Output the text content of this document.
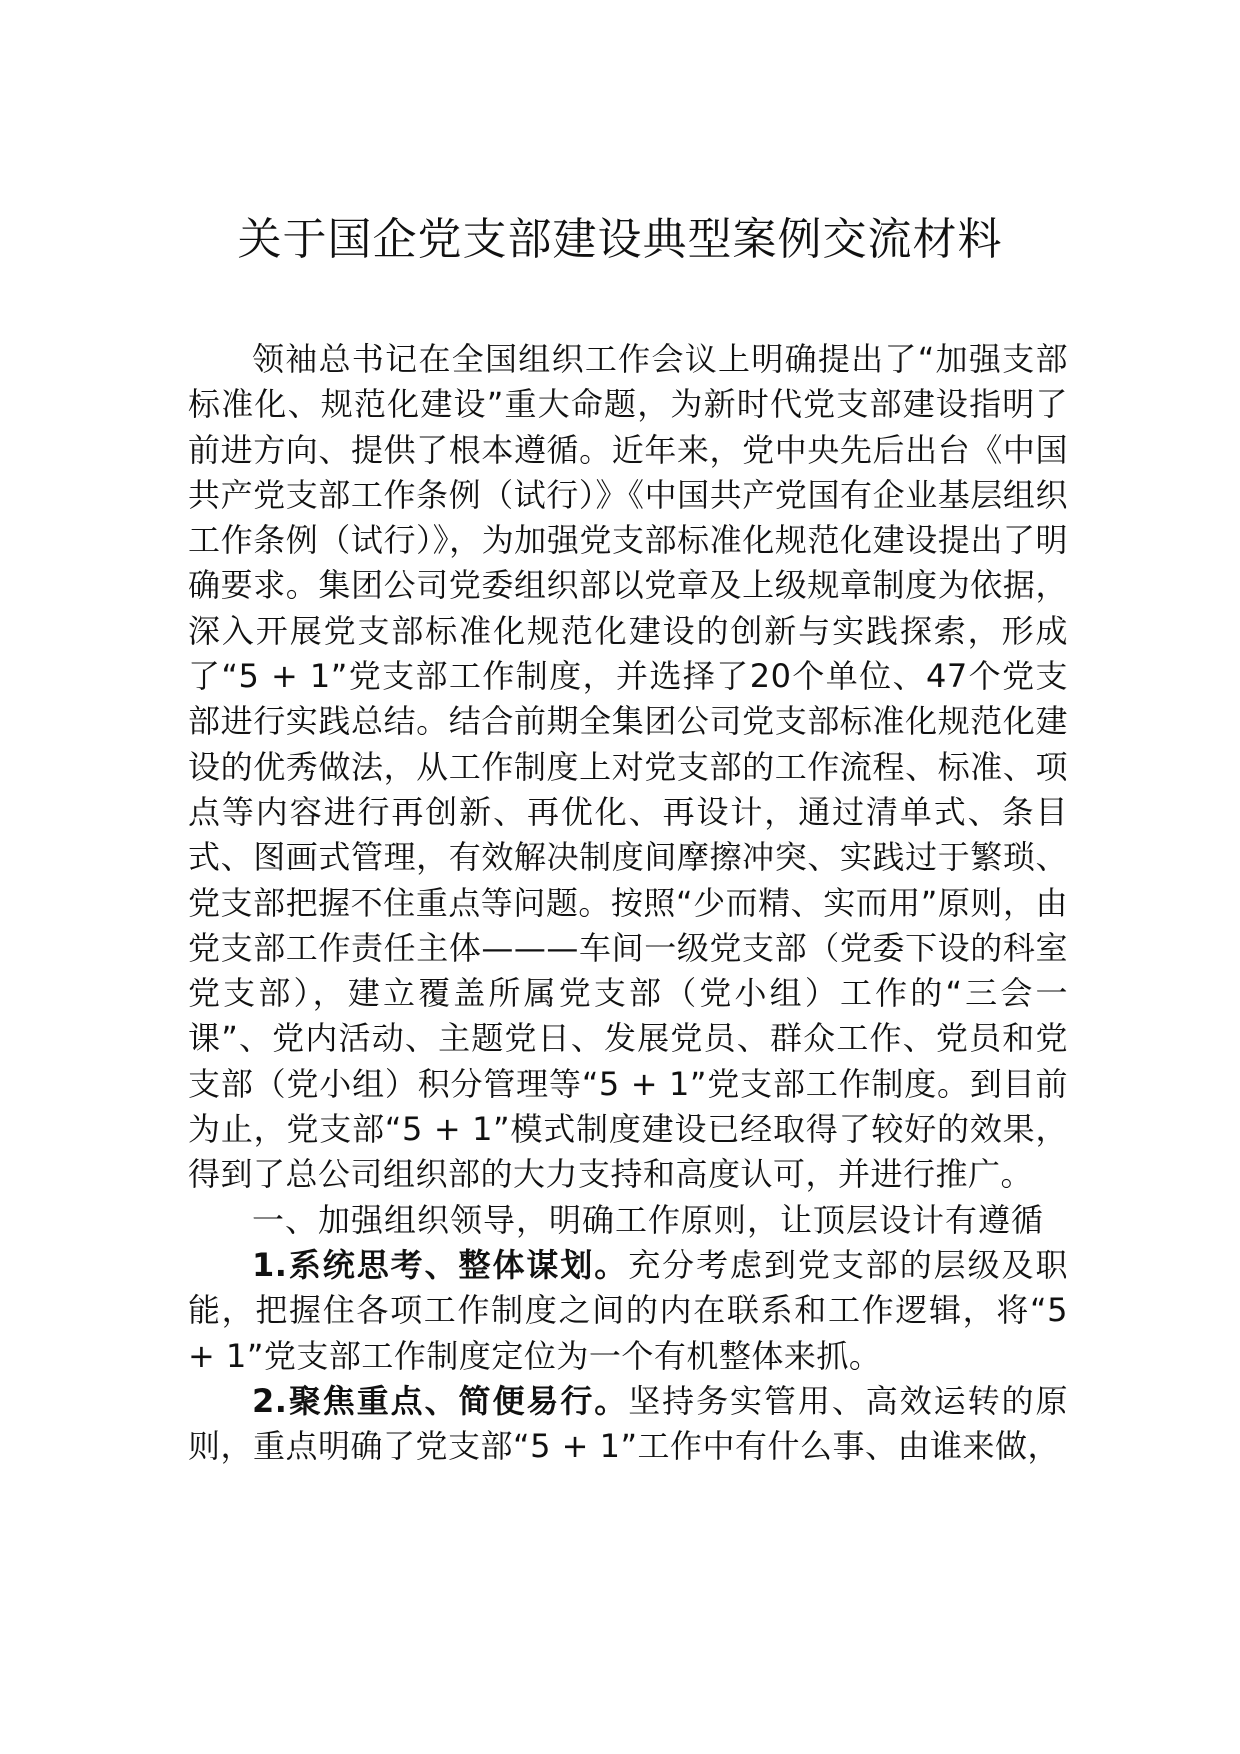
关于国企党支部建设典型案例交流材料

领袖总书记在全国组织工作会议上明确提出了“加强支部标准化、规范化建设”重大命题，为新时代党支部建设指明了前进方向、提供了根本遵循。近年来，党中央先后出台《中国共产党支部工作条例（试行）》《中国共产党国有企业基层组织工作条例（试行）》，为加强党支部标准化规范化建设提出了明确要求。集团公司党委组织部以党章及上级规章制度为依据，深入开展党支部标准化规范化建设的创新与实践探索，形成了“5 + 1”党支部工作制度，并选择了20个单位、47个党支部进行实践总结。结合前期全集团公司党支部标准化规范化建设的优秀做法，从工作制度上对党支部的工作流程、标准、项点等内容进行再创新、再优化、再设计，通过清单式、条目式、图画式管理，有效解决制度间摩擦冲突、实践过于繁琐、党支部把握不住重点等问题。按照“少而精、实而用”原则，由党支部工作责任主体———车间一级党支部（党委下设的科室党支部），建立覆盖所属党支部（党小组）工作的“三会一课”、党内活动、主题党日、发展党员、群众工作、党员和党支部（党小组）积分管理等“5 + 1”党支部工作制度。到目前为止，党支部“5 + 1”模式制度建设已经取得了较好的效果，得到了总公司组织部的大力支持和高度认可，并进行推广。

一、加强组织领导，明确工作原则，让顶层设计有遵循

1.系统思考、整体谋划。充分考虑到党支部的层级及职能，把握住各项工作制度之间的内在联系和工作逻辑，将“5 + 1”党支部工作制度定位为一个有机整体来抓。

2.聚焦重点、简便易行。坚持务实管用、高效运转的原则，重点明确了党支部“5 + 1”工作中有什么事、由谁来做，
